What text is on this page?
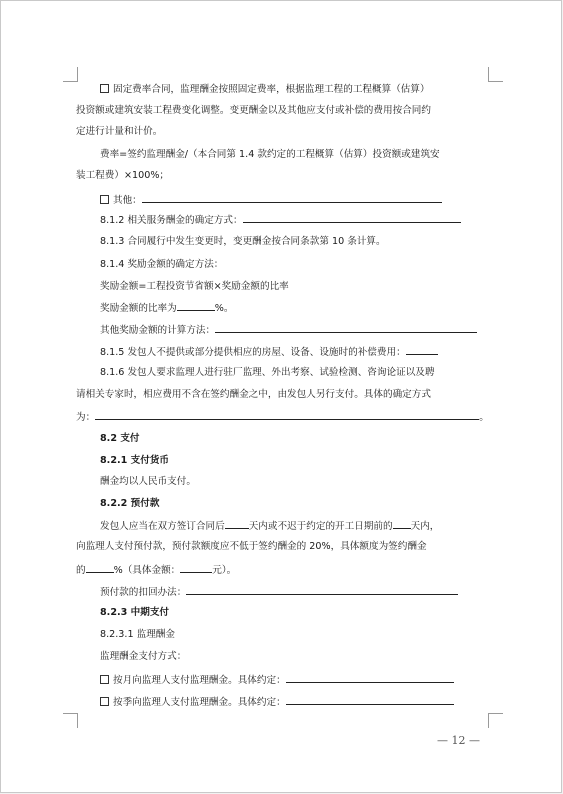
固定费率合同，监理酬金按照固定费率，根据监理工程的工程概算（估算）
投资额或建筑安装工程费变化调整。变更酬金以及其他应支付或补偿的费用按合同约
定进行计量和计价。
费率=签约监理酬金/（本合同第 1.4 款约定的工程概算（估算）投资额或建筑安
装工程费）×100%；
其他：
8.1.2 相关服务酬金的确定方式：
8.1.3 合同履行中发生变更时，变更酬金按合同条款第 10 条计算。
8.1.4 奖励金额的确定方法：
奖励金额=工程投资节省额×奖励金额的比率
奖励金额的比率为	%。
其他奖励金额的计算方法：
8.1.5 发包人不提供或部分提供相应的房屋、设备、设施时的补偿费用：
8.1.6 发包人要求监理人进行驻厂监理、外出考察、试验检测、咨询论证以及聘
请相关专家时，相应费用不含在签约酬金之中，由发包人另行支付。具体的确定方式
为：	。
8.2 支付
8.2.1 支付货币
酬金均以人民币支付。
8.2.2 预付款
发包人应当在双方签订合同后	天内或不迟于约定的开工日期前的 天内，
向监理人支付预付款，预付款额度应不低于签约酬金的 20%，具体额度为签约酬金
的	%（具体金额：	元）。
预付款的扣回办法：
8.2.3 中期支付
8.2.3.1 监理酬金
监理酬金支付方式：
按月向监理人支付监理酬金。具体约定：
按季向监理人支付监理酬金。具体约定：
— 12 —
